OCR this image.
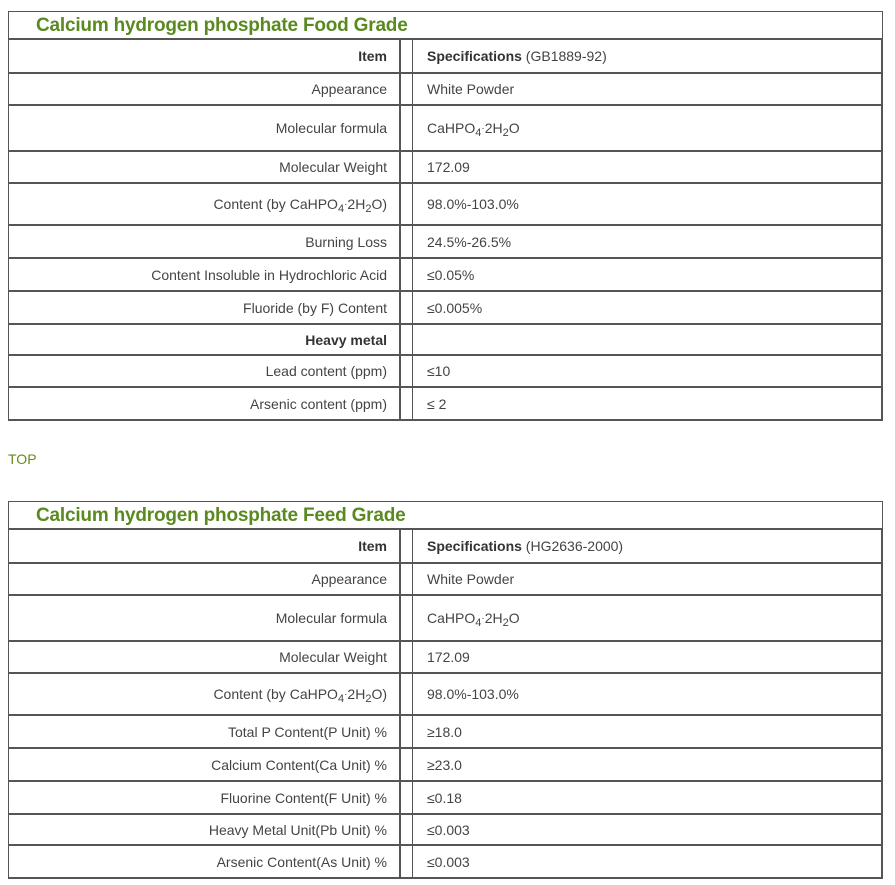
Calcium hydrogen phosphate Food Grade
Item		Specifications (GB1889-92)
Appearance		White Powder
Molecular formula		$CaHPO_4\cdot 2H_2O$
Molecular Weight		172.09
Content (by $CaHPO_4\cdot 2H_2O$)		98.0%-103.0%
Burning Loss		24.5%-26.5%
Content Insoluble in Hydrochloric Acid		≤0.05%
Fluoride (by F) Content		≤0.005%
Heavy metal		
Lead content (ppm)		≤10
Arsenic content (ppm)		≤ 2
TOP
Calcium hydrogen phosphate Feed Grade
Item		Specifications (HG2636-2000)
Appearance		White Powder
Molecular formula		$CaHPO_4\cdot 2H_2O$
Molecular Weight		172.09
Content (by $CaHPO_4\cdot 2H_2O$)		98.0%-103.0%
Total P Content(P Unit) %		≥18.0
Calcium Content(Ca Unit) %		≥23.0
Fluorine Content(F Unit) %		≤0.18
Heavy Metal Unit(Pb Unit) %		≤0.003
Arsenic Content(As Unit) %		≤0.003
